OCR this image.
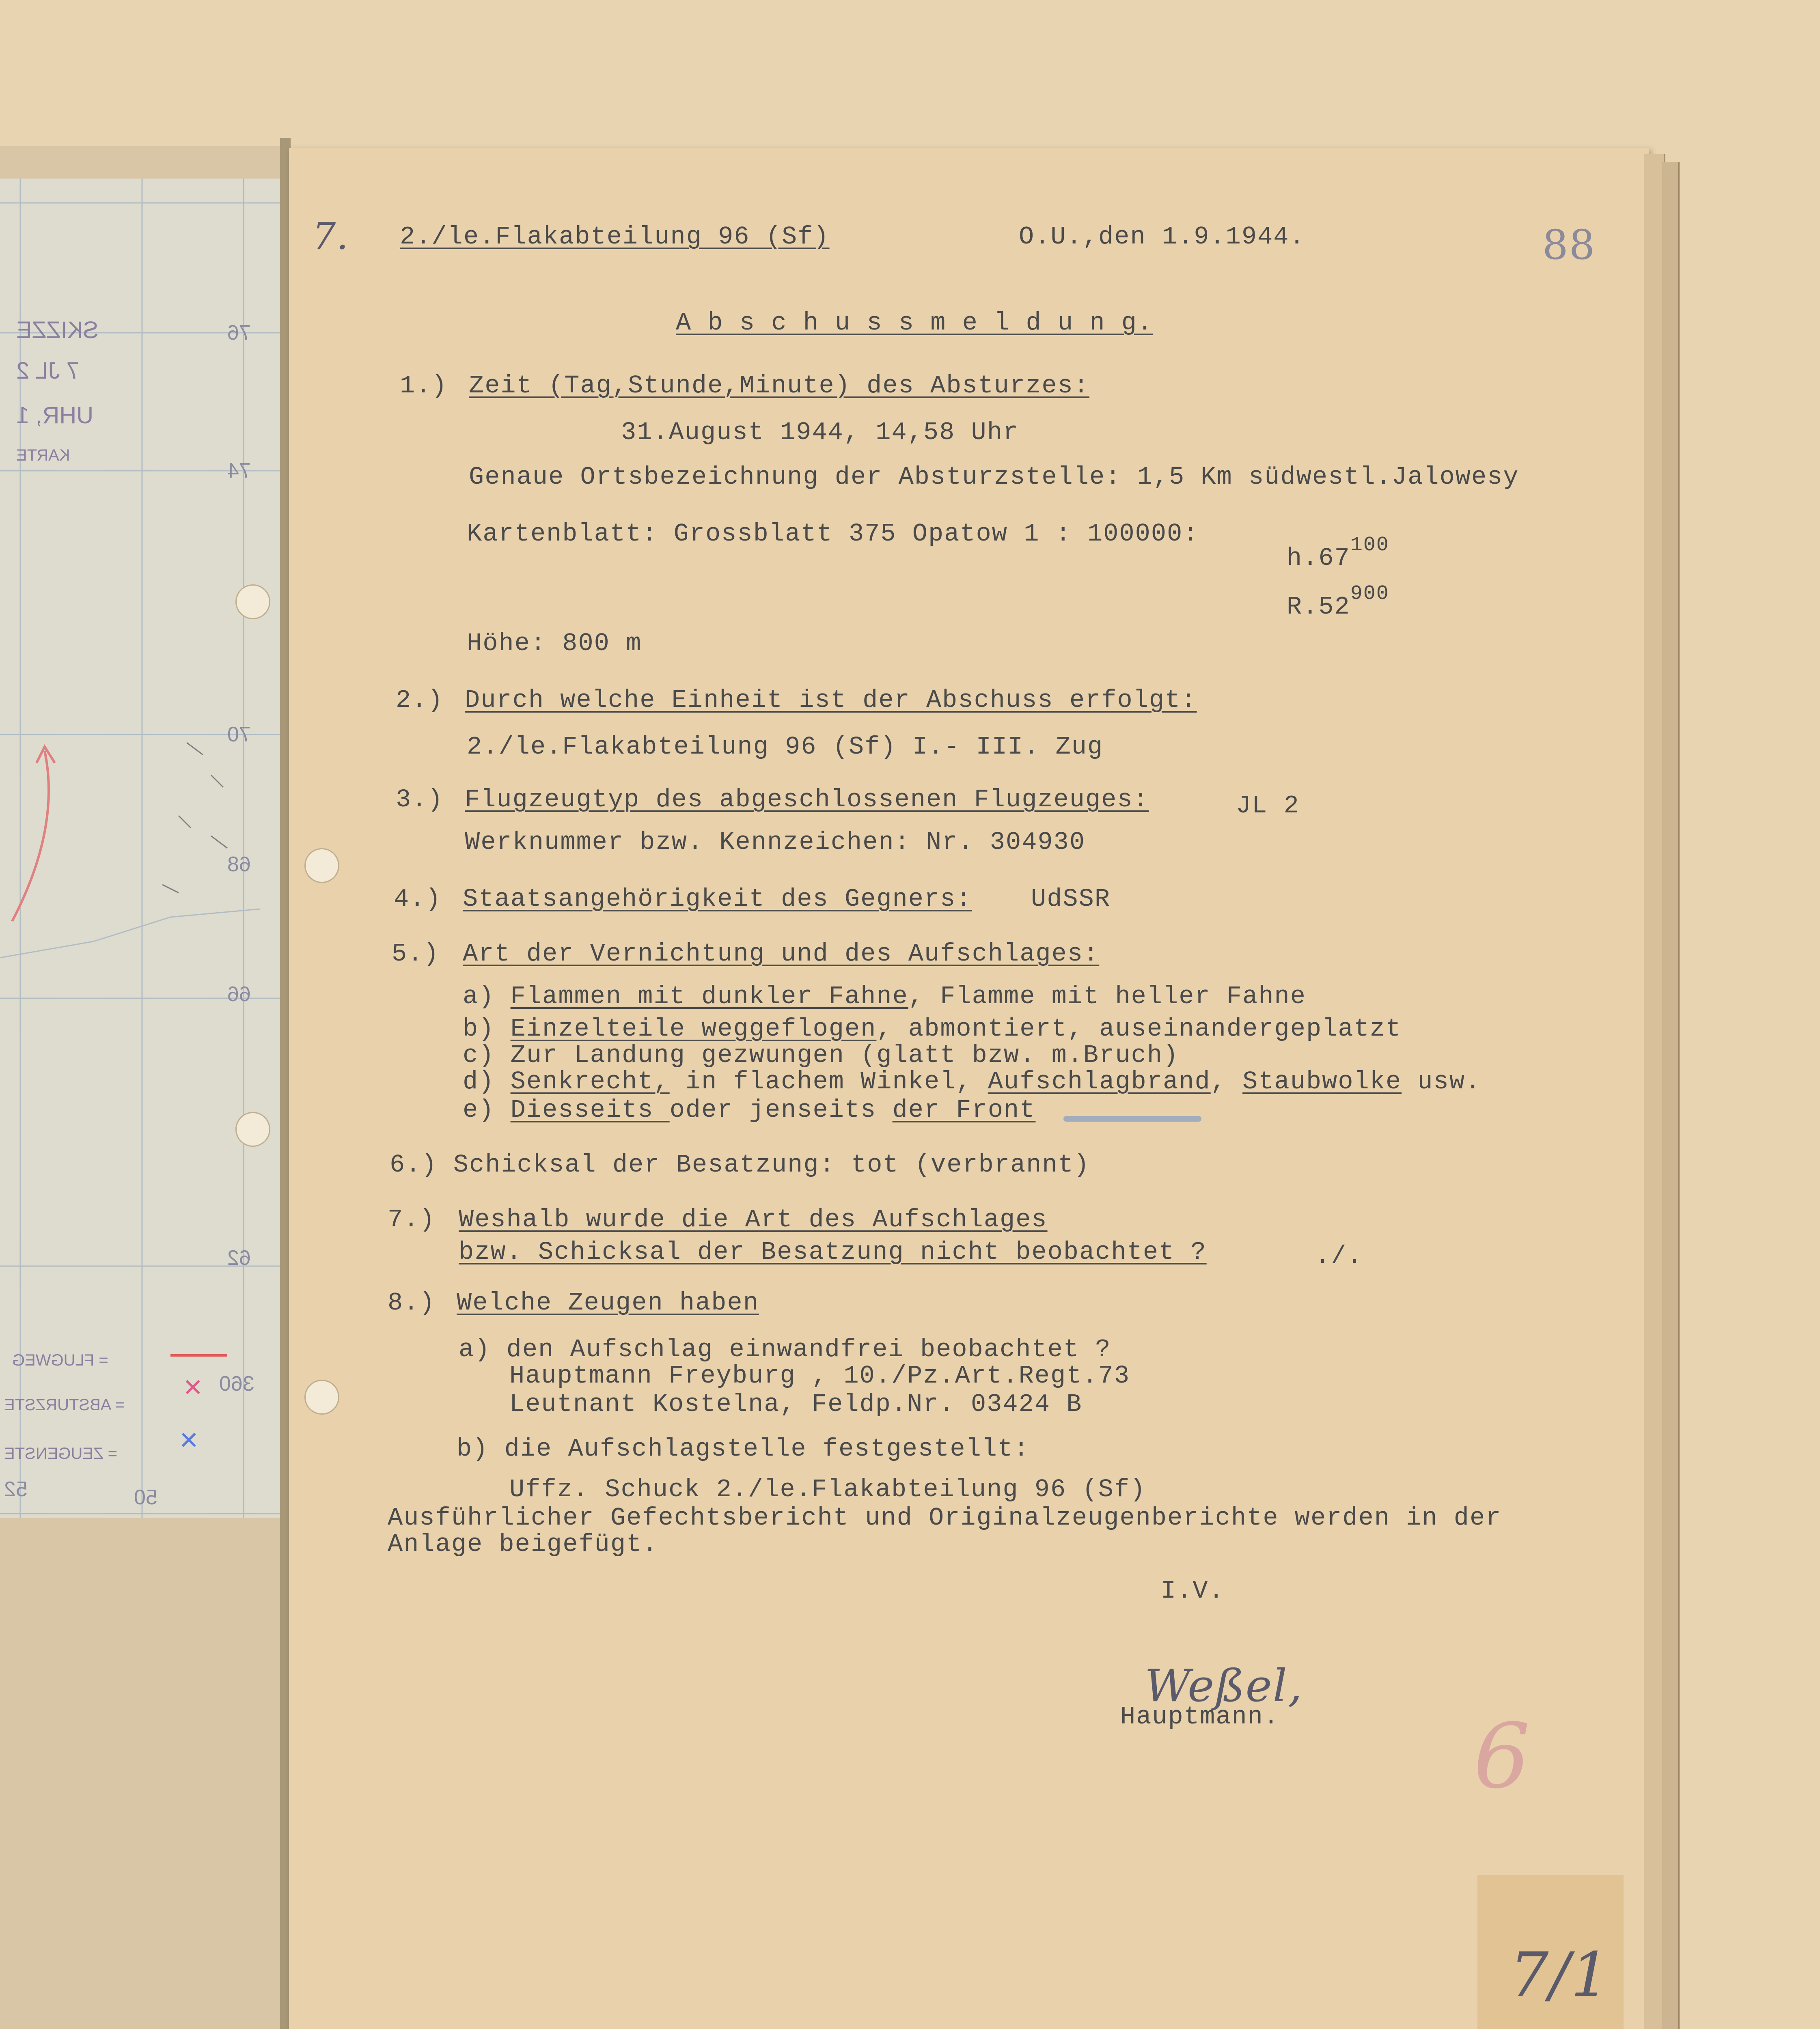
✕
✕
SKIZZE
7 JL 2
UHR, 1
KARTE
76
74
70
68
66
62
360
50
52
= FLUGWEG
= ABSTURZSTE
= ZEUGENSTE
7. 2./le.Flakabteilung 96 (Sf)	O.U.,den 1.9.1944.	88
A b s c h u s s m e l d u n g.
1.) Zeit (Tag,Stunde,Minute) des Absturzes:
31.August 1944, 14,58 Uhr
Genaue Ortsbezeichnung der Absturzstelle: 1,5 Km südwestl.Jalowesy
Kartenblatt: Grossblatt 375 Opatow 1 : 100000:
$h.67^{100}$
$R.52^{900}$
Höhe: 800 m
2.) Durch welche Einheit ist der Abschuss erfolgt:
2./le.Flakabteilung 96 (Sf) I.- III. Zug
3.) Flugzeugtyp des abgeschlossenen Flugzeuges:	JL 2
Werknummer bzw. Kennzeichen: Nr. 304930
4.) Staatsangehörigkeit des Gegners: UdSSR
5.) Art der Vernichtung und des Aufschlages:
a) Flammen mit dunkler Fahne, Flamme mit heller Fahne
b) Einzelteile weggeflogen, abmontiert, auseinandergeplatzt
c) Zur Landung gezwungen (glatt bzw. m.Bruch)
d) Senkrecht, in flachem Winkel, Aufschlagbrand, Staubwolke usw.
e) Diesseits oder jenseits der Front
6.) Schicksal der Besatzung: tot (verbrannt)
7.) Weshalb wurde die Art des Aufschlages
bzw. Schicksal der Besatzung nicht beobachtet ?	./.
8.) Welche Zeugen haben
a) den Aufschlag einwandfrei beobachtet ?
Hauptmann Freyburg , 10./Pz.Art.Regt.73
Leutnant Kostelna, Feldp.Nr. 03424 B
b) die Aufschlagstelle festgestellt:
Uffz. Schuck 2./le.Flakabteilung 96 (Sf)
Ausführlicher Gefechtsbericht und Originalzeugenberichte werden in der
Anlage beigefügt.
I.V.
Weßel,
Hauptmann. 6
7/1
